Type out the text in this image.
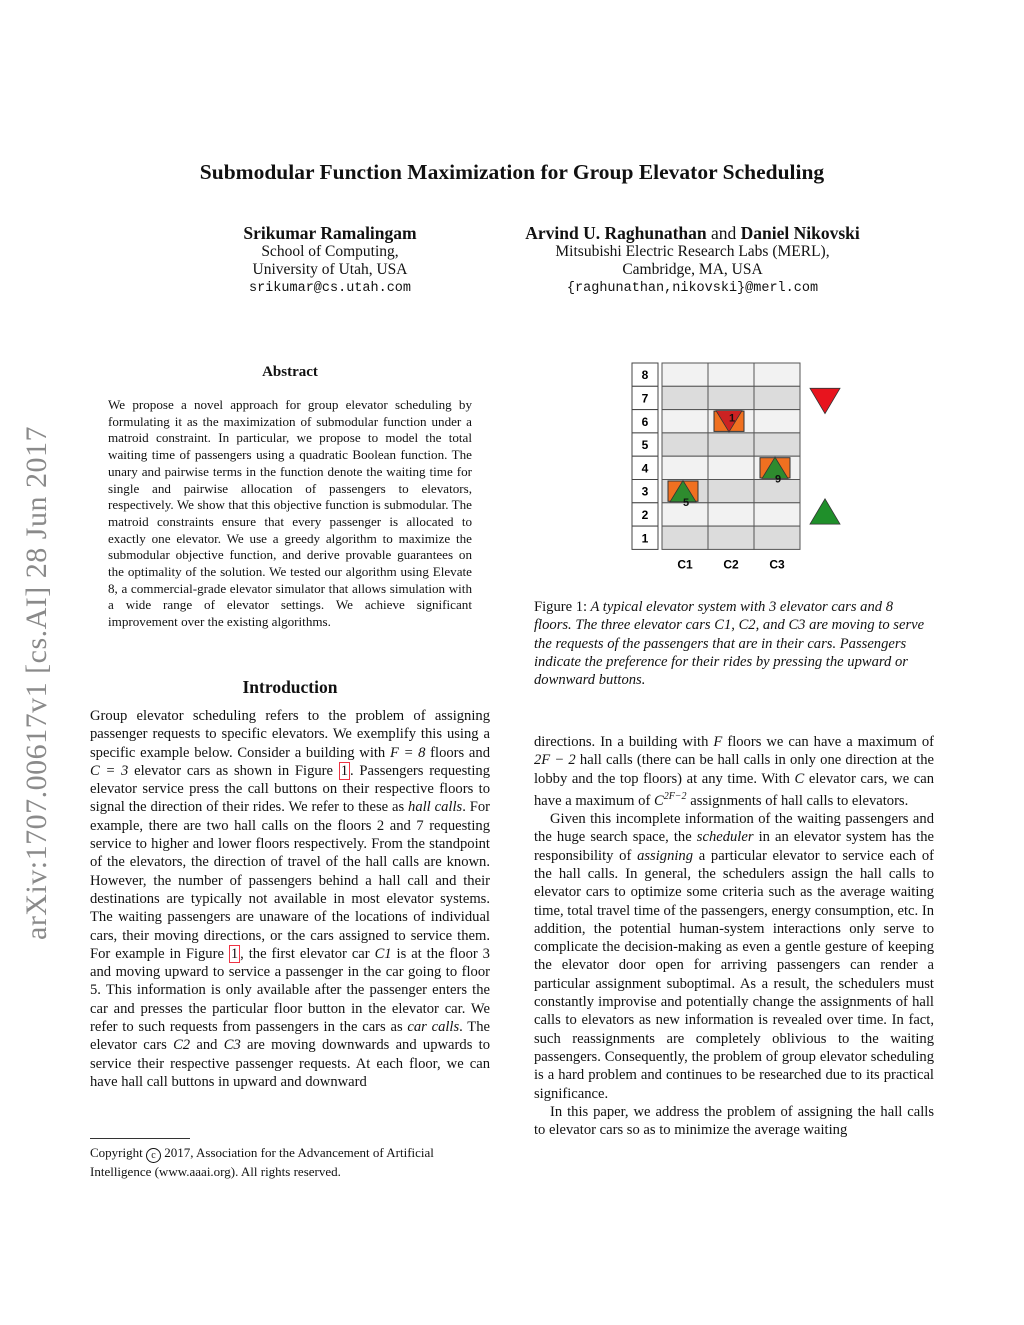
arXiv:1707.00617v1 [cs.AI] 28 Jun 2017
Submodular Function Maximization for Group Elevator Scheduling
Srikumar Ramalingam
School of Computing,
University of Utah, USA
srikumar@cs.utah.com
Arvind U. Raghunathan and Daniel Nikovski
Mitsubishi Electric Research Labs (MERL),
Cambridge, MA, USA
{raghunathan,nikovski}@merl.com
Abstract
We propose a novel approach for group elevator scheduling by formulating it as the maximization of submodular function under a matroid constraint. In particular, we propose to model the total waiting time of passengers using a quadratic Boolean function. The unary and pairwise terms in the function denote the waiting time for single and pairwise allocation of passengers to elevators, respectively. We show that this objective function is submodular. The matroid constraints ensure that every passenger is allocated to exactly one elevator. We use a greedy algorithm to maximize the submodular objective function, and derive provable guarantees on the optimality of the solution. We tested our algorithm using Elevate 8, a commercial-grade elevator simulator that allows simulation with a wide range of elevator settings. We achieve significant improvement over the existing algorithms.
Introduction

Group elevator scheduling refers to the problem of assigning passenger requests to specific elevators. We exemplify this using a specific example below. Consider a building with F = 8 floors and C = 3 elevator cars as shown in Figure 1 . Passengers requesting elevator service press the call buttons on their respective floors to signal the direction of their rides. We refer to these as hall calls. For example, there are two hall calls on the floors 2 and 7 requesting service to higher and lower floors respectively. From the standpoint of the elevators, the direction of travel of the hall calls are known. However, the number of passengers behind a hall call and their destinations are typically not available in most elevator systems. The waiting passengers are unaware of the locations of individual cars, their moving directions, or the cars assigned to service them. For example in Figure 1 , the first elevator car C1 is at the floor 3 and moving upward to service a passenger in the car going to floor 5. This information is only available after the passenger enters the car and presses the particular floor button in the elevator car. We refer to such requests from passengers in the cars as car calls. The elevator cars C2 and C3 are moving downwards and upwards to service their respective passenger requests. At each floor, we can have hall call buttons in upward and downward

Copyright c 2017, Association for the Advancement of Artificial Intelligence (www.aaai.org). All rights reserved.
8
7
6
5
4
3
2
1
C1	C2	C3
5
1
9
Figure 1: A typical elevator system with 3 elevator cars and 8 floors. The three elevator cars C1, C2, and C3 are moving to serve the requests of the passengers that are in their cars. Passengers indicate the preference for their rides by pressing the upward or downward buttons.

directions. In a building with F floors we can have a maximum of 2F − 2 hall calls (there can be hall calls in only one direction at the lobby and the top floors) at any time. With C elevator cars, we can have a maximum of $C^{2F-2}$ assignments of hall calls to elevators.

Given this incomplete information of the waiting passengers and the huge search space, the scheduler in an elevator system has the responsibility of assigning a particular elevator to service each of the hall calls. In general, the schedulers assign the hall calls to elevator cars to optimize some criteria such as the average waiting time, total travel time of the passengers, energy consumption, etc. In addition, the potential human-system interactions only serve to complicate the decision-making as even a gentle gesture of keeping the elevator door open for arriving passengers can render a particular assignment suboptimal. As a result, the schedulers must constantly improvise and potentially change the assignments of hall calls to elevators as new information is revealed over time. In fact, such reassignments are completely oblivious to the waiting passengers. Consequently, the problem of group elevator scheduling is a hard problem and continues to be researched due to its practical significance.

In this paper, we address the problem of assigning the hall calls to elevator cars so as to minimize the average waiting
